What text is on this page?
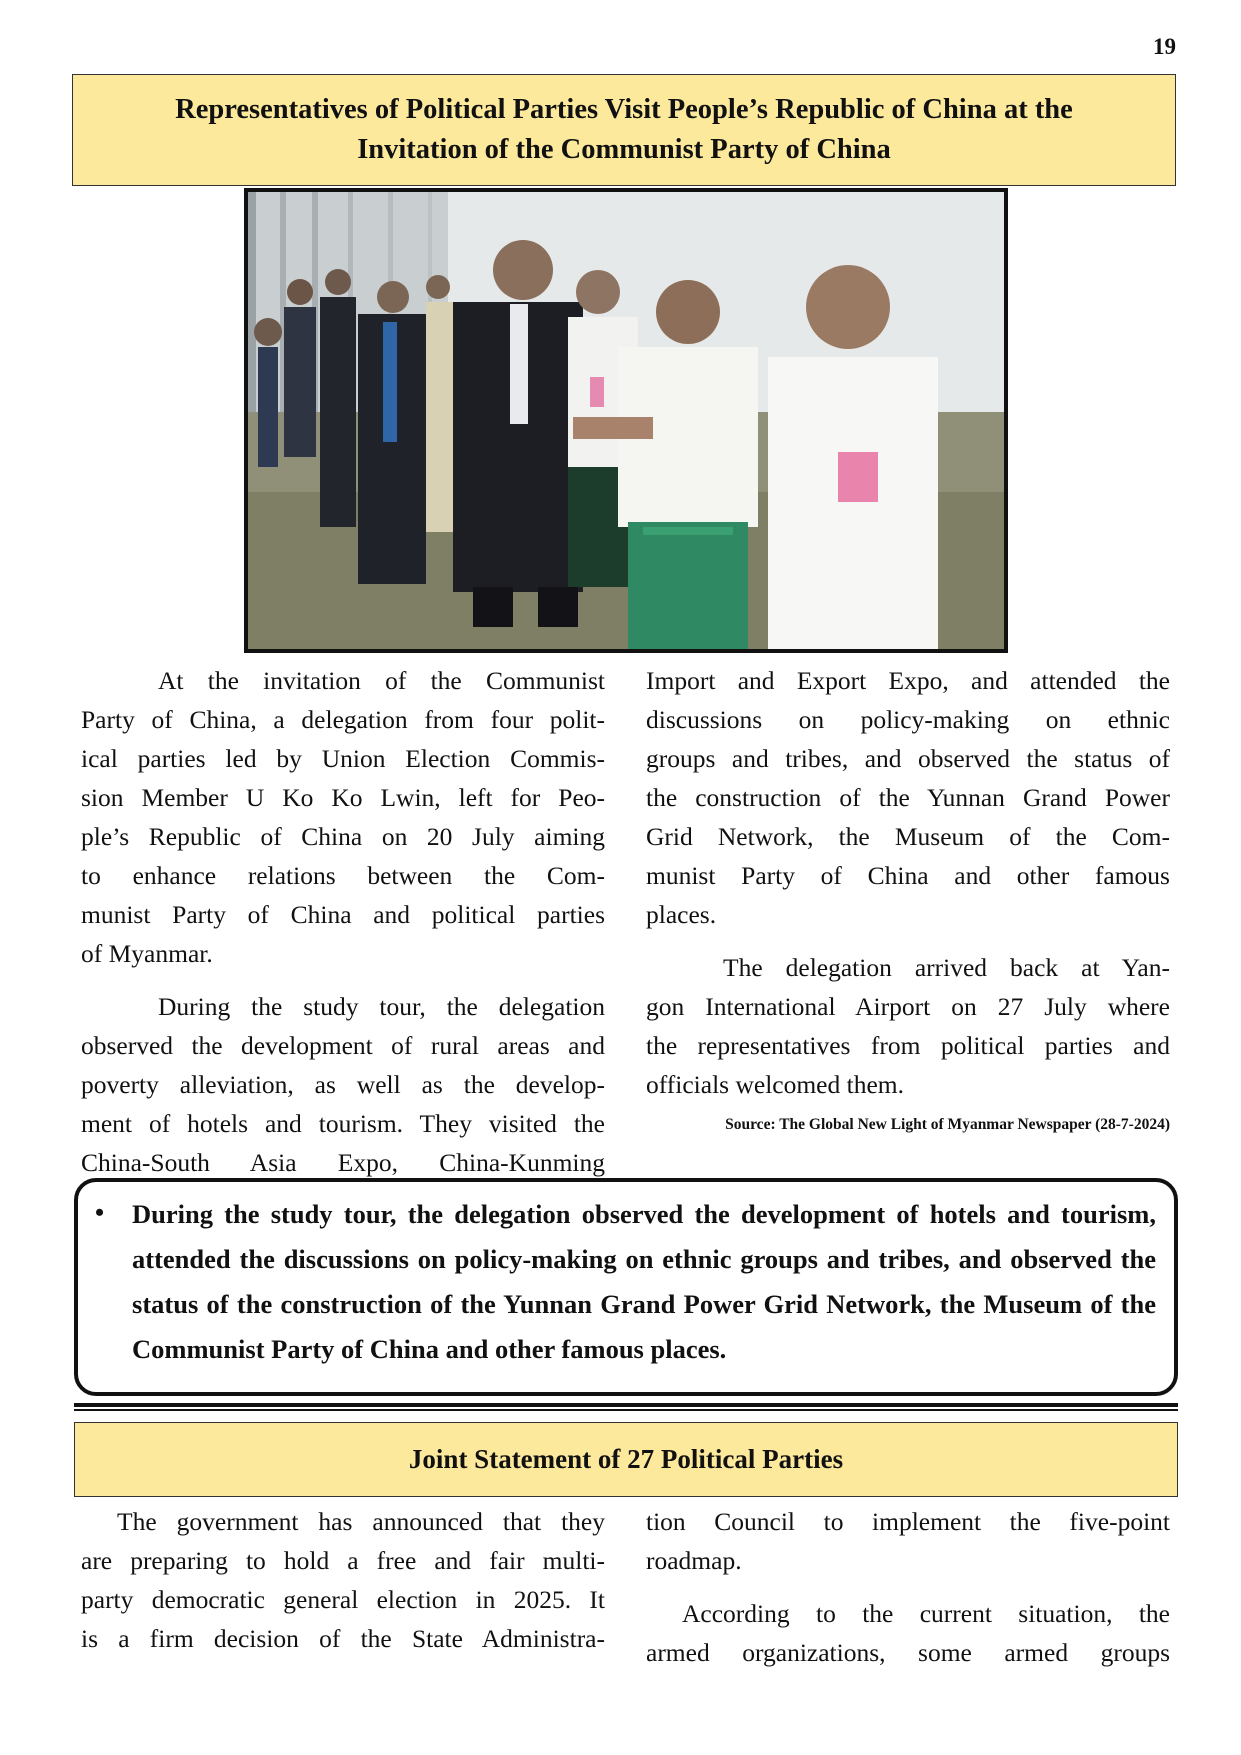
19
Representatives of Political Parties Visit People’s Republic of China at the
Invitation of the Communist Party of China

At the invitation of the Communist

Party of China, a delegation from four polit-

ical parties led by Union Election Commis-

sion Member U Ko Ko Lwin, left for Peo-

ple’s Republic of China on 20 July aiming

to enhance relations between the Com-

munist Party of China and political parties

of Myanmar.

During the study tour, the delegation

observed the development of rural areas and

poverty alleviation, as well as the develop-

ment of hotels and tourism. They visited the

China-South Asia Expo, China-Kunming

Import and Export Expo, and attended the

discussions on policy-making on ethnic

groups and tribes, and observed the status of

the construction of the Yunnan Grand Power

Grid Network, the Museum of the Com-

munist Party of China and other famous

places.

The delegation arrived back at Yan-

gon International Airport on 27 July where

the representatives from political parties and

officials welcomed them.

Source: The Global New Light of Myanmar Newspaper (28-7-2024)
• During the study tour, the delegation observed the development of hotels and tourism, attended the discussions on policy-making on ethnic groups and tribes, and observed the status of the construction of the Yunnan Grand Power Grid Network, the Museum of the Communist Party of China and other famous places.
Joint Statement of 27 Political Parties

The government has announced that they

are preparing to hold a free and fair multi-

party democratic general election in 2025. It

is a firm decision of the State Administra-

tion Council to implement the five-point

roadmap.

According to the current situation, the

armed organizations, some armed groups
